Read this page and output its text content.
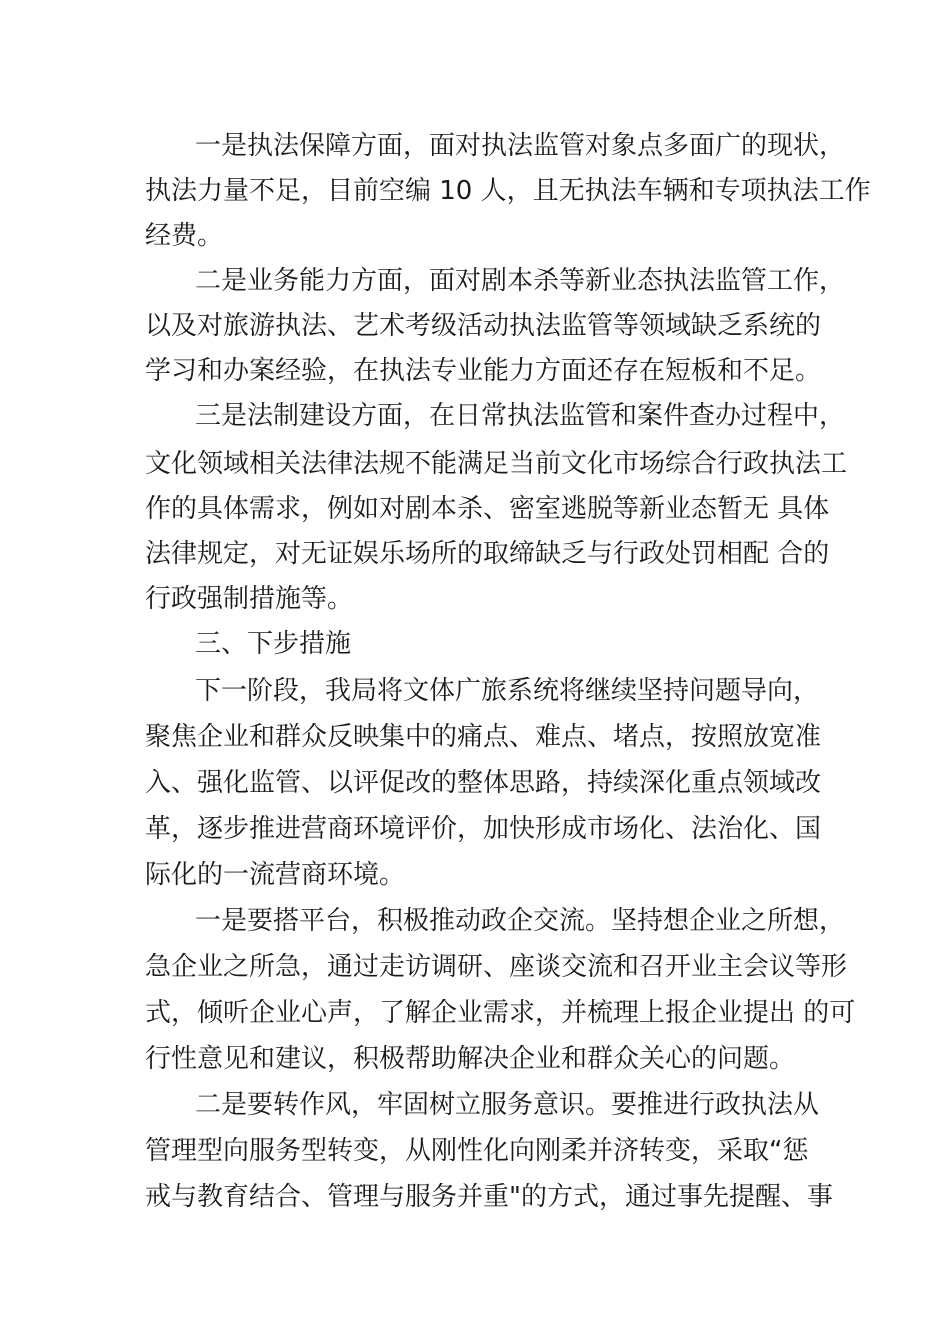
一是执法保障方面，面对执法监管对象点多面广的现状，
执法力量不足，目前空编 10 人，且无执法车辆和专项执法工作
经费。
二是业务能力方面，面对剧本杀等新业态执法监管工作，
以及对旅游执法、艺术考级活动执法监管等领域缺乏系统的
学习和办案经验，在执法专业能力方面还存在短板和不足。
三是法制建设方面，在日常执法监管和案件查办过程中，
文化领域相关法律法规不能满足当前文化市场综合行政执法工
作的具体需求，例如对剧本杀、密室逃脱等新业态暂无 具体
法律规定，对无证娱乐场所的取缔缺乏与行政处罚相配 合的
行政强制措施等。
三、下步措施
下一阶段，我局将文体广旅系统将继续坚持问题导向，
聚焦企业和群众反映集中的痛点、难点、堵点，按照放宽准
入、强化监管、以评促改的整体思路，持续深化重点领域改
革，逐步推进营商环境评价，加快形成市场化、法治化、国
际化的一流营商环境。
一是要搭平台，积极推动政企交流。坚持想企业之所想，
急企业之所急，通过走访调研、座谈交流和召开业主会议等形
式，倾听企业心声，了解企业需求，并梳理上报企业提出 的可
行性意见和建议，积极帮助解决企业和群众关心的问题。
二是要转作风，牢固树立服务意识。要推进行政执法从
管理型向服务型转变，从刚性化向刚柔并济转变，采取“惩
戒与教育结合、管理与服务并重"的方式，通过事先提醒、事
